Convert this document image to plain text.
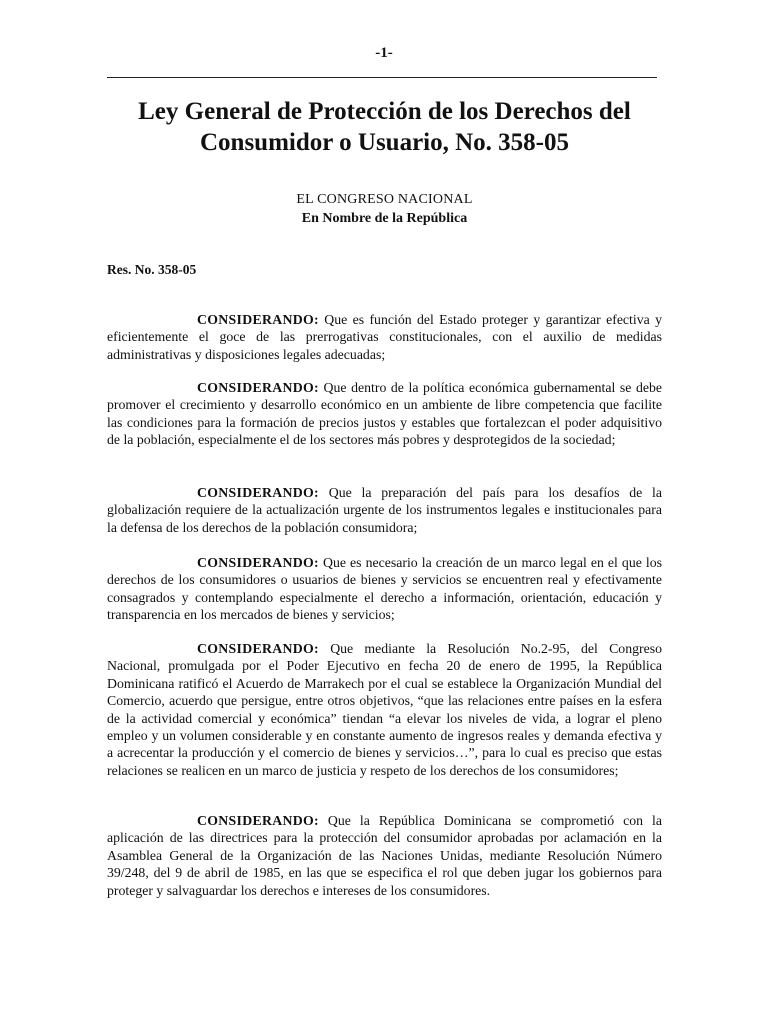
-1-
Ley General de Protección de los Derechos del Consumidor o Usuario, No. 358-05
EL CONGRESO NACIONAL
En Nombre de la República
Res. No. 358-05

CONSIDERANDO: Que es función del Estado proteger y garantizar efectiva y eficientemente el goce de las prerrogativas constitucionales, con el auxilio de medidas administrativas y disposiciones legales adecuadas;

CONSIDERANDO: Que dentro de la política económica gubernamental se debe promover el crecimiento y desarrollo económico en un ambiente de libre competencia que facilite las condiciones para la formación de precios justos y estables que fortalezcan el poder adquisitivo de la población, especialmente el de los sectores más pobres y desprotegidos de la sociedad;

CONSIDERANDO: Que la preparación del país para los desafíos de la globalización requiere de la actualización urgente de los instrumentos legales e institucionales para la defensa de los derechos de la población consumidora;

CONSIDERANDO: Que es necesario la creación de un marco legal en el que los derechos de los consumidores o usuarios de bienes y servicios se encuentren real y efectivamente consagrados y contemplando especialmente el derecho a información, orientación, educación y transparencia en los mercados de bienes y servicios;

CONSIDERANDO: Que mediante la Resolución No.2-95, del Congreso Nacional, promulgada por el Poder Ejecutivo en fecha 20 de enero de 1995, la República Dominicana ratificó el Acuerdo de Marrakech por el cual se establece la Organización Mundial del Comercio, acuerdo que persigue, entre otros objetivos, “que las relaciones entre países en la esfera de la actividad comercial y económica” tiendan “a elevar los niveles de vida, a lograr el pleno empleo y un volumen considerable y en constante aumento de ingresos reales y demanda efectiva y a acrecentar la producción y el comercio de bienes y servicios…”, para lo cual es preciso que estas relaciones se realicen en un marco de justicia y respeto de los derechos de los consumidores;

CONSIDERANDO: Que la República Dominicana se comprometió con la aplicación de las directrices para la protección del consumidor aprobadas por aclamación en la Asamblea General de la Organización de las Naciones Unidas, mediante Resolución Número 39/248, del 9 de abril de 1985, en las que se especifica el rol que deben jugar los gobiernos para proteger y salvaguardar los derechos e intereses de los consumidores.
